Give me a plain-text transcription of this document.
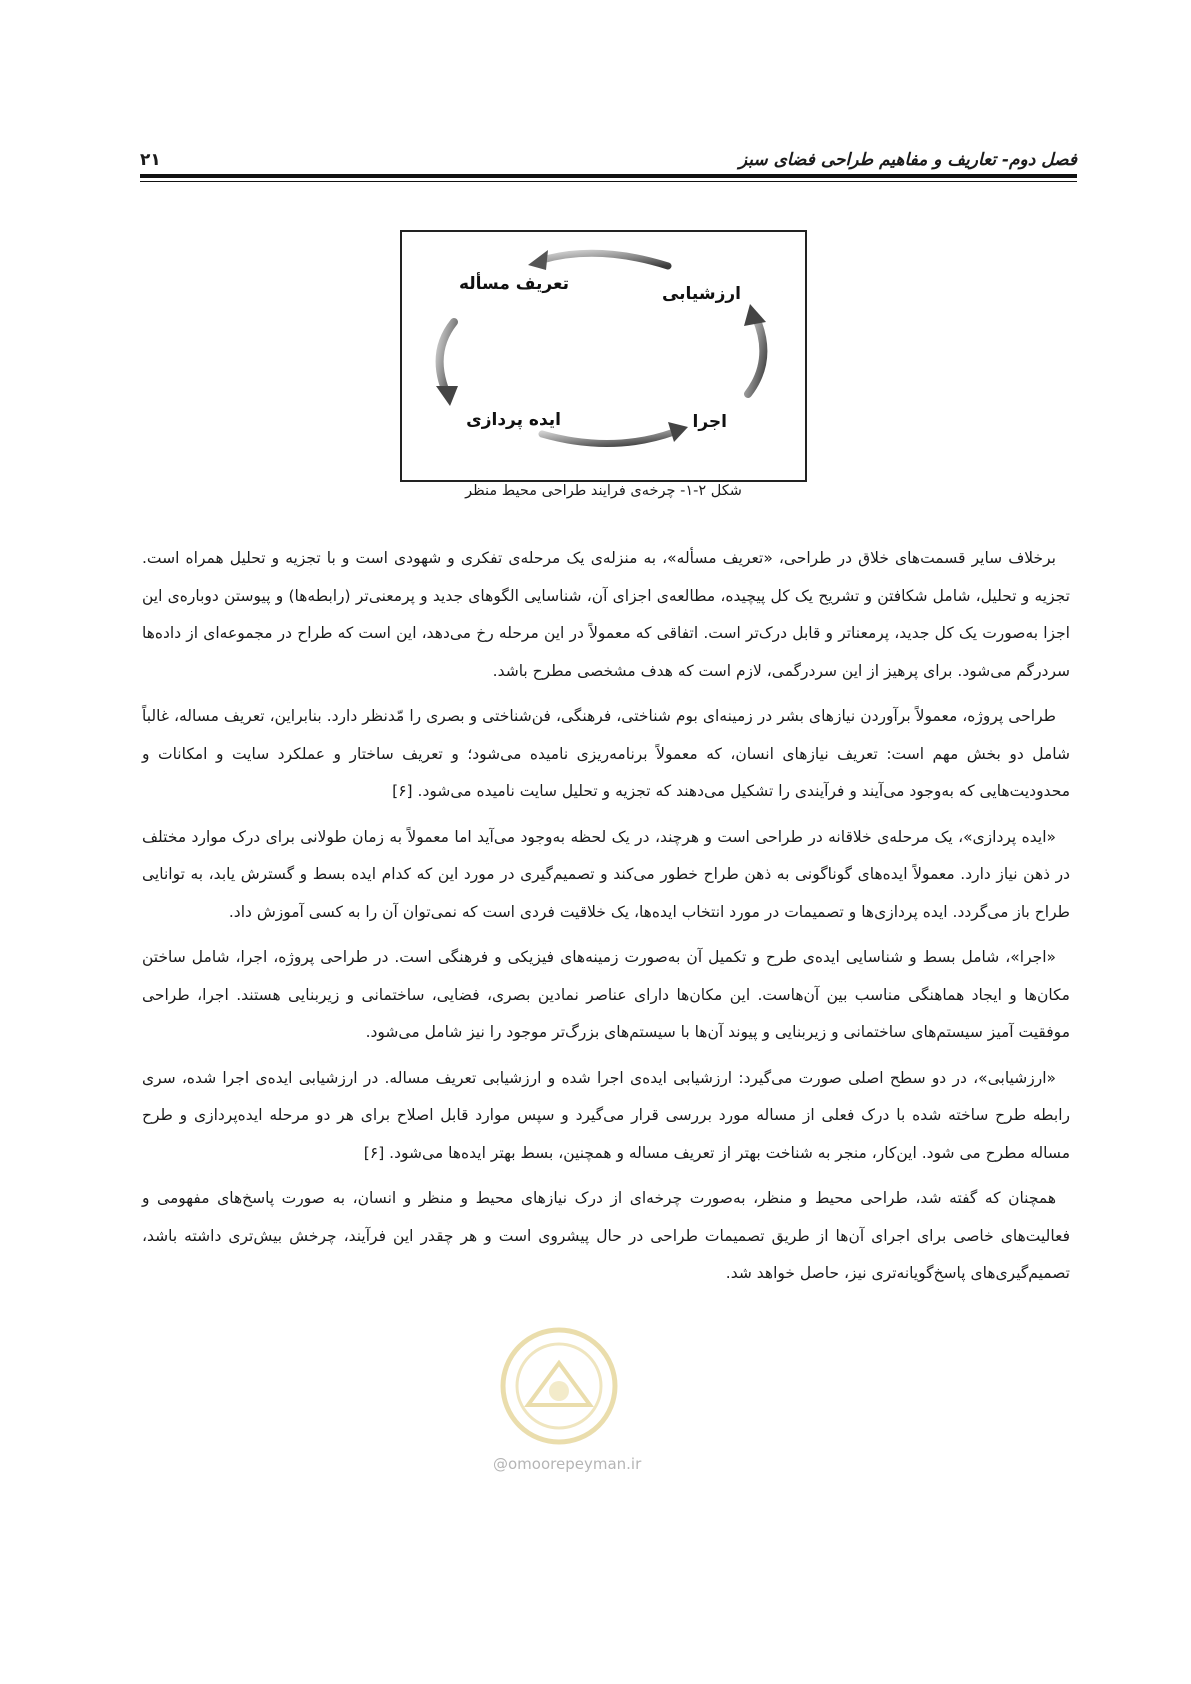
فصل دوم- تعاریف و مفاهیم طراحی فضای سبز
۲۱
تعریف مسأله	ارزشیابی
ایده پردازی	اجرا
شکل ۲-۱- چرخه‌ی فرایند طراحی محیط منظر

برخلاف سایر قسمت‌های خلاق در طراحی، «تعریف مسأله»، به منزله‌ی یک مرحله‌ی تفکری و شهودی است و با تجزیه و تحلیل همراه است. تجزیه و تحلیل، شامل شکافتن و تشریح یک کل پیچیده، مطالعه‌ی اجزای آن، شناسایی الگوهای جدید و پرمعنی‌تر (رابطه‌ها) و پیوستن دوباره‌ی این اجزا به‌صورت یک کل جدید، پرمعناتر و قابل درک‌تر است. اتفاقی که معمولاً در این مرحله رخ می‌دهد، این است که طراح در مجموعه‌ای از داده‌ها سردرگم می‌شود. برای پرهیز از این سردرگمی، لازم است که هدف مشخصی مطرح باشد.

طراحی پروژه، معمولاً برآوردن نیازهای بشر در زمینه‌ای بوم شناختی، فرهنگی، فن‌شناختی و بصری را مّدنظر دارد. بنابراین، تعریف مساله، غالباً شامل دو بخش مهم است: تعریف نیازهای انسان، که معمولاً برنامه‌ریزی نامیده می‌شود؛ و تعریف ساختار و عملکرد سایت و امکانات و محدودیت‌هایی که به‌وجود می‌آیند و فرآیندی را تشکیل می‌دهند که تجزیه و تحلیل سایت نامیده می‌شود. [۶]

«ایده پردازی»، یک مرحله‌ی خلاقانه در طراحی است و هرچند، در یک لحظه به‌وجود می‌آید اما معمولاً به زمان طولانی برای درک موارد مختلف در ذهن نیاز دارد. معمولاً ایده‌های گوناگونی به ذهن طراح خطور می‌کند و تصمیم‌گیری در مورد این که کدام ایده بسط و گسترش یابد، به توانایی طراح باز می‌گردد. ایده پردازی‌ها و تصمیمات در مورد انتخاب ایده‌ها، یک خلاقیت فردی است که نمی‌توان آن را به کسی آموزش داد.

«اجرا»، شامل بسط و شناسایی ایده‌ی طرح و تکمیل آن به‌صورت زمینه‌های فیزیکی و فرهنگی است. در طراحی پروژه، اجرا، شامل ساختن مکان‌ها و ایجاد هماهنگی مناسب بین آن‌هاست. این مکان‌ها دارای عناصر نمادین بصری، فضایی، ساختمانی و زیربنایی هستند. اجرا، طراحی موفقیت آمیز سیستم‌های ساختمانی و زیربنایی و پیوند آن‌ها با سیستم‌های بزرگ‌تر موجود را نیز شامل می‌شود.

«ارزشیابی»، در دو سطح اصلی صورت می‌گیرد: ارزشیابی ایده‌ی اجرا شده و ارزشیابی تعریف مساله. در ارزشیابی ایده‌ی اجرا شده، سری رابطه طرح ساخته شده با درک فعلی از مساله مورد بررسی قرار می‌گیرد و سپس موارد قابل اصلاح برای هر دو مرحله ایده‌پردازی و طرح مساله مطرح می شود. این‌کار، منجر به شناخت بهتر از تعریف مساله و همچنین، بسط بهتر ایده‌ها می‌شود. [۶]

همچنان که گفته شد، طراحی محیط و منظر، به‌صورت چرخه‌ای از درک نیازهای محیط و منظر و انسان، به صورت پاسخ‌های مفهومی و فعالیت‌های خاصی برای اجرای آن‌ها از طریق تصمیمات طراحی در حال پیشروی است و هر چقدر این فرآیند، چرخش بیش‌تری داشته باشد، تصمیم‌گیری‌های پاسخ‌گویانه‌تری نیز، حاصل خواهد شد.

@omoorepeyman.ir
